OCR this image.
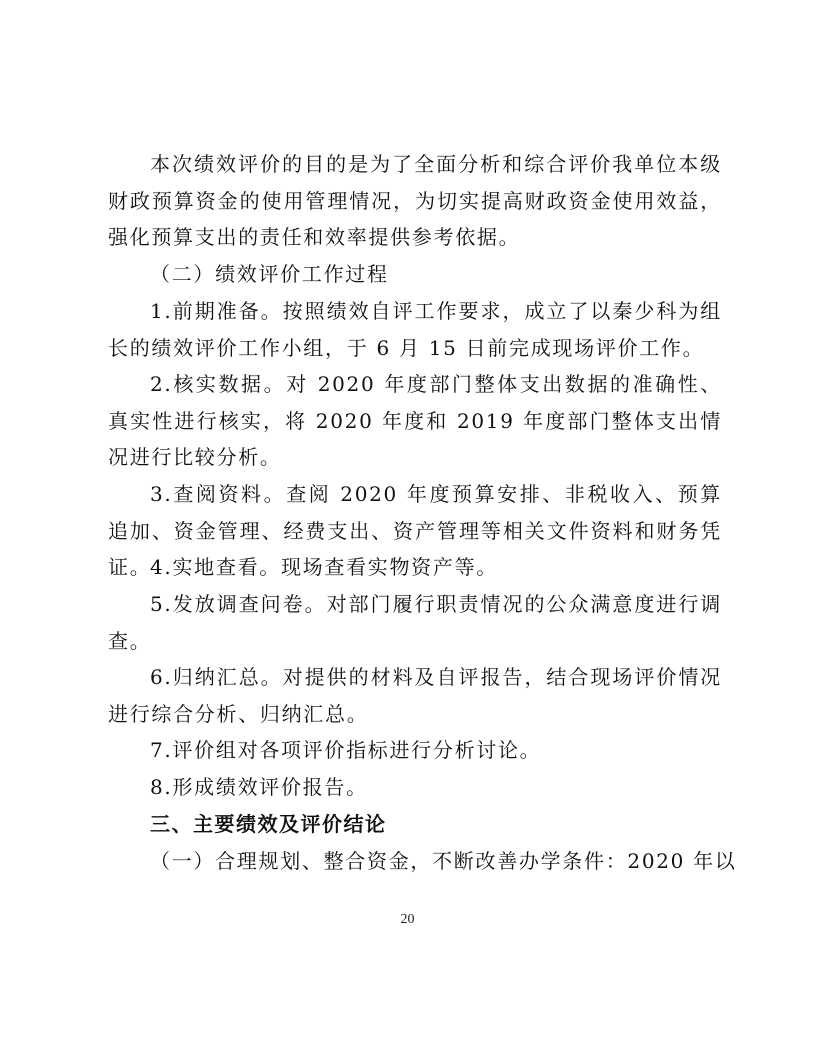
本次绩效评价的目的是为了全面分析和综合评价我单位本级财政预算资金的使用管理情况，为切实提高财政资金使用效益，强化预算支出的责任和效率提供参考依据。

（二）绩效评价工作过程

1.前期准备。按照绩效自评工作要求，成立了以秦少科为组长的绩效评价工作小组，于 6 月 15 日前完成现场评价工作。

2.核实数据。对 2020 年度部门整体支出数据的准确性、真实性进行核实，将 2020 年度和 2019 年度部门整体支出情况进行比较分析。

3.查阅资料。查阅 2020 年度预算安排、非税收入、预算追加、资金管理、经费支出、资产管理等相关文件资料和财务凭证。

4.实地查看。现场查看实物资产等。

5.发放调查问卷。对部门履行职责情况的公众满意度进行调查。

6.归纳汇总。对提供的材料及自评报告，结合现场评价情况进行综合分析、归纳汇总。

7.评价组对各项评价指标进行分析讨论。

8.形成绩效评价报告。

三、主要绩效及评价结论

（一）合理规划、整合资金，不断改善办学条件：2020 年以

20
